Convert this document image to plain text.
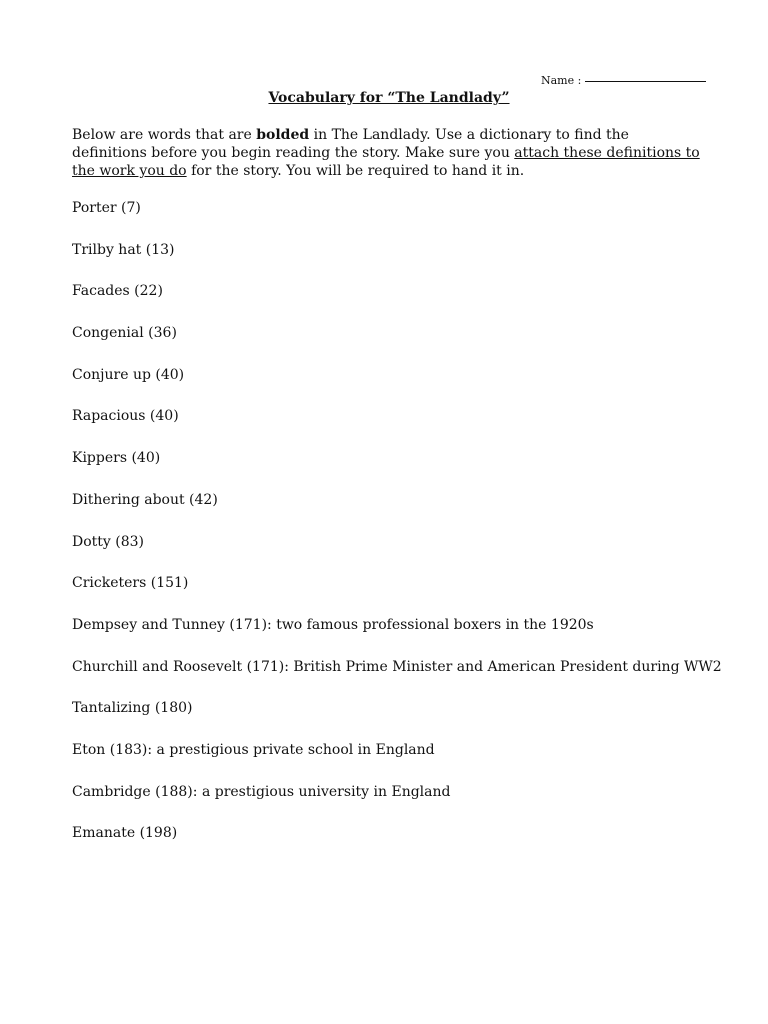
Name :
Vocabulary for “The Landlady”

Below are words that are bolded in The Landlady. Use a dictionary to find the definitions before you begin reading the story. Make sure you attach these definitions to the work you do for the story. You will be required to hand it in.

Porter (7)
Trilby hat (13)
Facades (22)
Congenial (36)
Conjure up (40)
Rapacious (40)
Kippers (40)
Dithering about (42)
Dotty (83)
Cricketers (151)
Dempsey and Tunney (171): two famous professional boxers in the 1920s
Churchill and Roosevelt (171): British Prime Minister and American President during WW2
Tantalizing (180)
Eton (183): a prestigious private school in England
Cambridge (188): a prestigious university in England
Emanate (198)
